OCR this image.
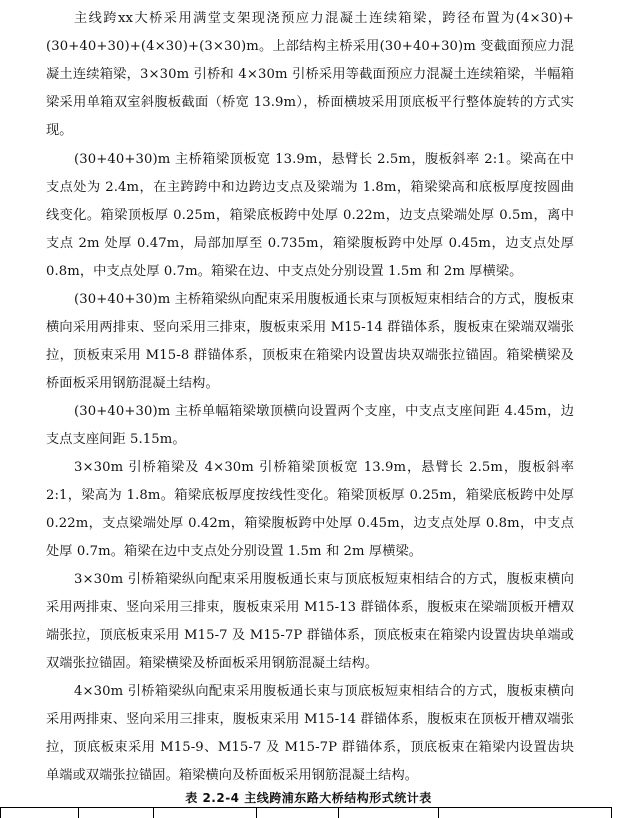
主线跨xx大桥采用满堂支架现浇预应力混凝土连续箱梁，跨径布置为(4×30)+(30+40+30)+(4×30)+(3×30)m。上部结构主桥采用(30+40+30)m 变截面预应力混凝土连续箱梁，3×30m 引桥和 4×30m 引桥采用等截面预应力混凝土连续箱梁，半幅箱梁采用单箱双室斜腹板截面（桥宽 13.9m），桥面横坡采用顶底板平行整体旋转的方式实现。

(30+40+30)m 主桥箱梁顶板宽 13.9m，悬臂长 2.5m，腹板斜率 2:1。梁高在中支点处为 2.4m，在主跨跨中和边跨边支点及梁端为 1.8m，箱梁梁高和底板厚度按圆曲线变化。箱梁顶板厚 0.25m，箱梁底板跨中处厚 0.22m，边支点梁端处厚 0.5m，离中支点 2m 处厚 0.47m，局部加厚至 0.735m，箱梁腹板跨中处厚 0.45m，边支点处厚 0.8m，中支点处厚 0.7m。箱梁在边、中支点处分别设置 1.5m 和 2m 厚横梁。

(30+40+30)m 主桥箱梁纵向配束采用腹板通长束与顶板短束相结合的方式，腹板束横向采用两排束、竖向采用三排束，腹板束采用 M15-14 群锚体系，腹板束在梁端双端张拉，顶板束采用 M15-8 群锚体系，顶板束在箱梁内设置齿块双端张拉锚固。箱梁横梁及桥面板采用钢筋混凝土结构。

(30+40+30)m 主桥单幅箱梁墩顶横向设置两个支座，中支点支座间距 4.45m，边支点支座间距 5.15m。

3×30m 引桥箱梁及 4×30m 引桥箱梁顶板宽 13.9m，悬臂长 2.5m，腹板斜率 2:1，梁高为 1.8m。箱梁底板厚度按线性变化。箱梁顶板厚 0.25m，箱梁底板跨中处厚 0.22m，支点梁端处厚 0.42m，箱梁腹板跨中处厚 0.45m，边支点处厚 0.8m，中支点处厚 0.7m。箱梁在边中支点处分别设置 1.5m 和 2m 厚横梁。

3×30m 引桥箱梁纵向配束采用腹板通长束与顶底板短束相结合的方式，腹板束横向采用两排束、竖向采用三排束，腹板束采用 M15-13 群锚体系，腹板束在梁端顶板开槽双端张拉，顶底板束采用 M15-7 及 M15-7P 群锚体系，顶底板束在箱梁内设置齿块单端或双端张拉锚固。箱梁横梁及桥面板采用钢筋混凝土结构。

4×30m 引桥箱梁纵向配束采用腹板通长束与顶底板短束相结合的方式，腹板束横向采用两排束、竖向采用三排束，腹板束采用 M15-14 群锚体系，腹板束在顶板开槽双端张拉，顶底板束采用 M15-9、M15-7 及 M15-7P 群锚体系，顶底板束在箱梁内设置齿块单端或双端张拉锚固。箱梁横向及桥面板采用钢筋混凝土结构。

表 2.2-4 主线跨浦东路大桥结构形式统计表
